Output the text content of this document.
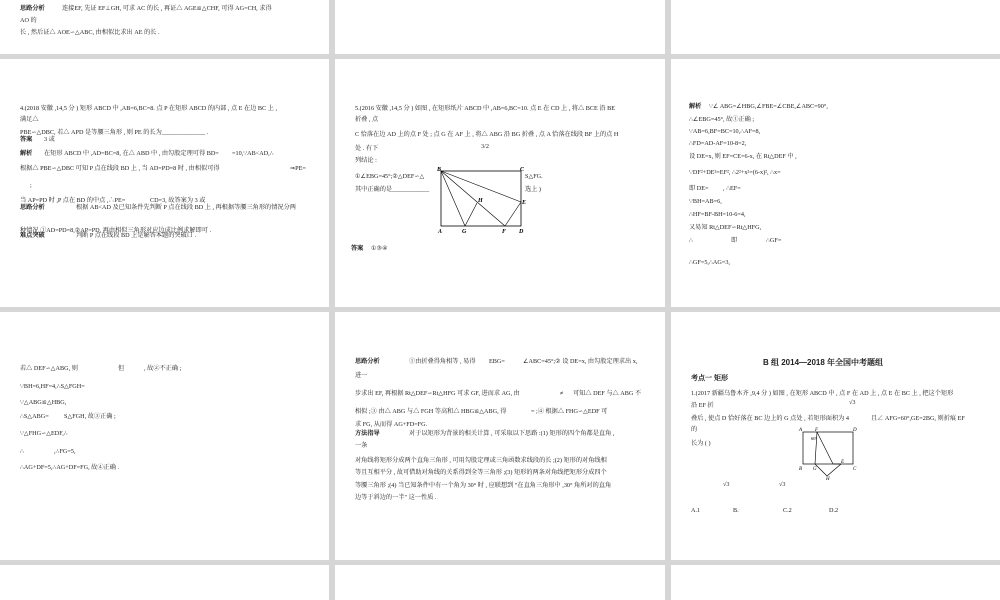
思路分析	连接EF, 先证 EF⊥GH, 可求 AC 的长 , 再证△ AGE≌△CHF, 可得 AG=CH, 求得
AO 的
长 , 然后证△ AOE∽△ABC, 由相似比求出 AE 的长 .
4.(2018 安徽 ,14,5 分 ) 矩形 ABCD 中 ,AB=6,BC=8. 点 P 在矩形 ABCD 的内部 , 点 E 在边 BC 上 ,
满足△
PBE∽△DBC, 若△ APD 是等腰三角形 , 则 PE 的长为______________ .
答案 3 或
解析 在矩形 ABCD 中 ,AD=BC=8, 在△ ABD 中 , 由勾股定理可得 BD= =10,∵AB<AD,∴
根据△ PBE∽△DBC 可知 P 点在线段 BD 上 , 当 AD=PD=8 时 , 由相似可得	⇒PE=
;
当 AP=PD 时 ,P 点在 BD 的中点 ,∴PE=	CD=3, 故答案为 3 或
思路分析	根据 AB<AD 及已知条件先判断 P 点在线段 BD 上 , 再根据等腰三角形的情况分两
种情况 ①AD=PD=8,②AP=PD, 再由相似三角形对应边成比例求解即可 .
难点突破	判断 P 点在线段 BD 上是解答本题的突破口 .
5.(2016 安徽 ,14,5 分 ) 如图 , 在矩形纸片 ABCD 中 ,AB=6,BC=10. 点 E 在 CD 上 , 将△ BCE 沿 BE
折叠 , 点
C 恰落在边 AD 上的点 F 处 ; 点 G 在 AF 上 , 将△ ABG 沿 BG 折叠 , 点 A 恰落在线段 BF 上的点 H
处 . 有下	3/2
列结论 :
①∠EBG=45°;②△DEF∽△	S△FG.
其中正确的是____________	选上 )
B	C
H	E
A	G	F D
答案 ①③④
解析 ∵∠ ABG=∠HBG,∠FBE=∠CBE,∠ABC=90°,
∴∠EBG=45°, 故①正确 ;
∵AB=6,BF=BC=10,∴AF=8,
∴FD=AD-AF=10-8=2,
设 DE=x, 则 EF=CE=6-x, 在 Rt△DEF 中 ,
∵DF²+DE²=EF², ∴2²+x²=(6-x)², ∴x=
即 DE= , ∴EF=
∵BH=AB=6,
∴HF=BF-BH=10-6=4,
又易知 Rt△DEF∽Rt△HFG,
∴	即	∴GF=
∴GF=5,∴AG=3,
若△ DEF∽△ABG, 则	但	, 故②不正确 ;
∵BH=6,HF=4,∴S△FGH=
∵△ABG≌△HBG,
∴S△ABG= S△FGH, 故③正确 ;
∵△FHG∽△EDF,∴
∴	,∴FG=5,
∴AG+DF=5,∴AG+DF=FG, 故④正确 .
思路分析	①由折叠得角相等 , 易得 EBG=	∠ABC=45°;② 设 DE=x, 由勾股定理求出 x,
进一
步求出 EF, 再根据 Rt△DEF∽Rt△HFG 可求 GF, 进而求 AG, 由	≠ 可知△ DEF 与△ ABG 不
相似 ;③ 由△ ABG 与△ FGH 等高和△ HBG≌△ABG, 得	= ;④ 根据△ FHG∽△EDF 可
求 FG, 从而得 AG+FD=FG.
方法指导	对于以矩形为背景的相关计算 , 可采取以下思路 :(1) 矩形的四个角都是直角 ,
一条
对角线将矩形分成两个直角三角形 , 可用勾股定理或三角函数求线段的长 ;(2) 矩形的对角线相
等且互相平分 , 故可借助对角线的关系得到全等三角形 ;(3) 矩形的两条对角线把矩形分成四个
等腰三角形 ;(4) 当已知条件中有一个角为 30° 时 , 应联想到 "在直角三角形中 ,30° 角所对的直角
边等于斜边的一半" 这一性质 .
B 组 2014—2018 年全国中考题组
考点一 矩形
1.(2017 新疆乌鲁木齐 ,9,4 分 ) 如图 , 在矩形 ABCD 中 , 点 F 在 AD 上 , 点 E 在 BC 上 , 把这个矩形
沿 EF 折	√3
叠后 , 使点 D 恰好落在 BC 边上的 G 点处 , 若矩形面积为 4	且∠ AFG=60°,GE=2BG, 则折痕 EF
的
长为 ( )
A	F	D
60°
B G
E
C
H
√3	√3
A.1	B.	C.2	D.2
